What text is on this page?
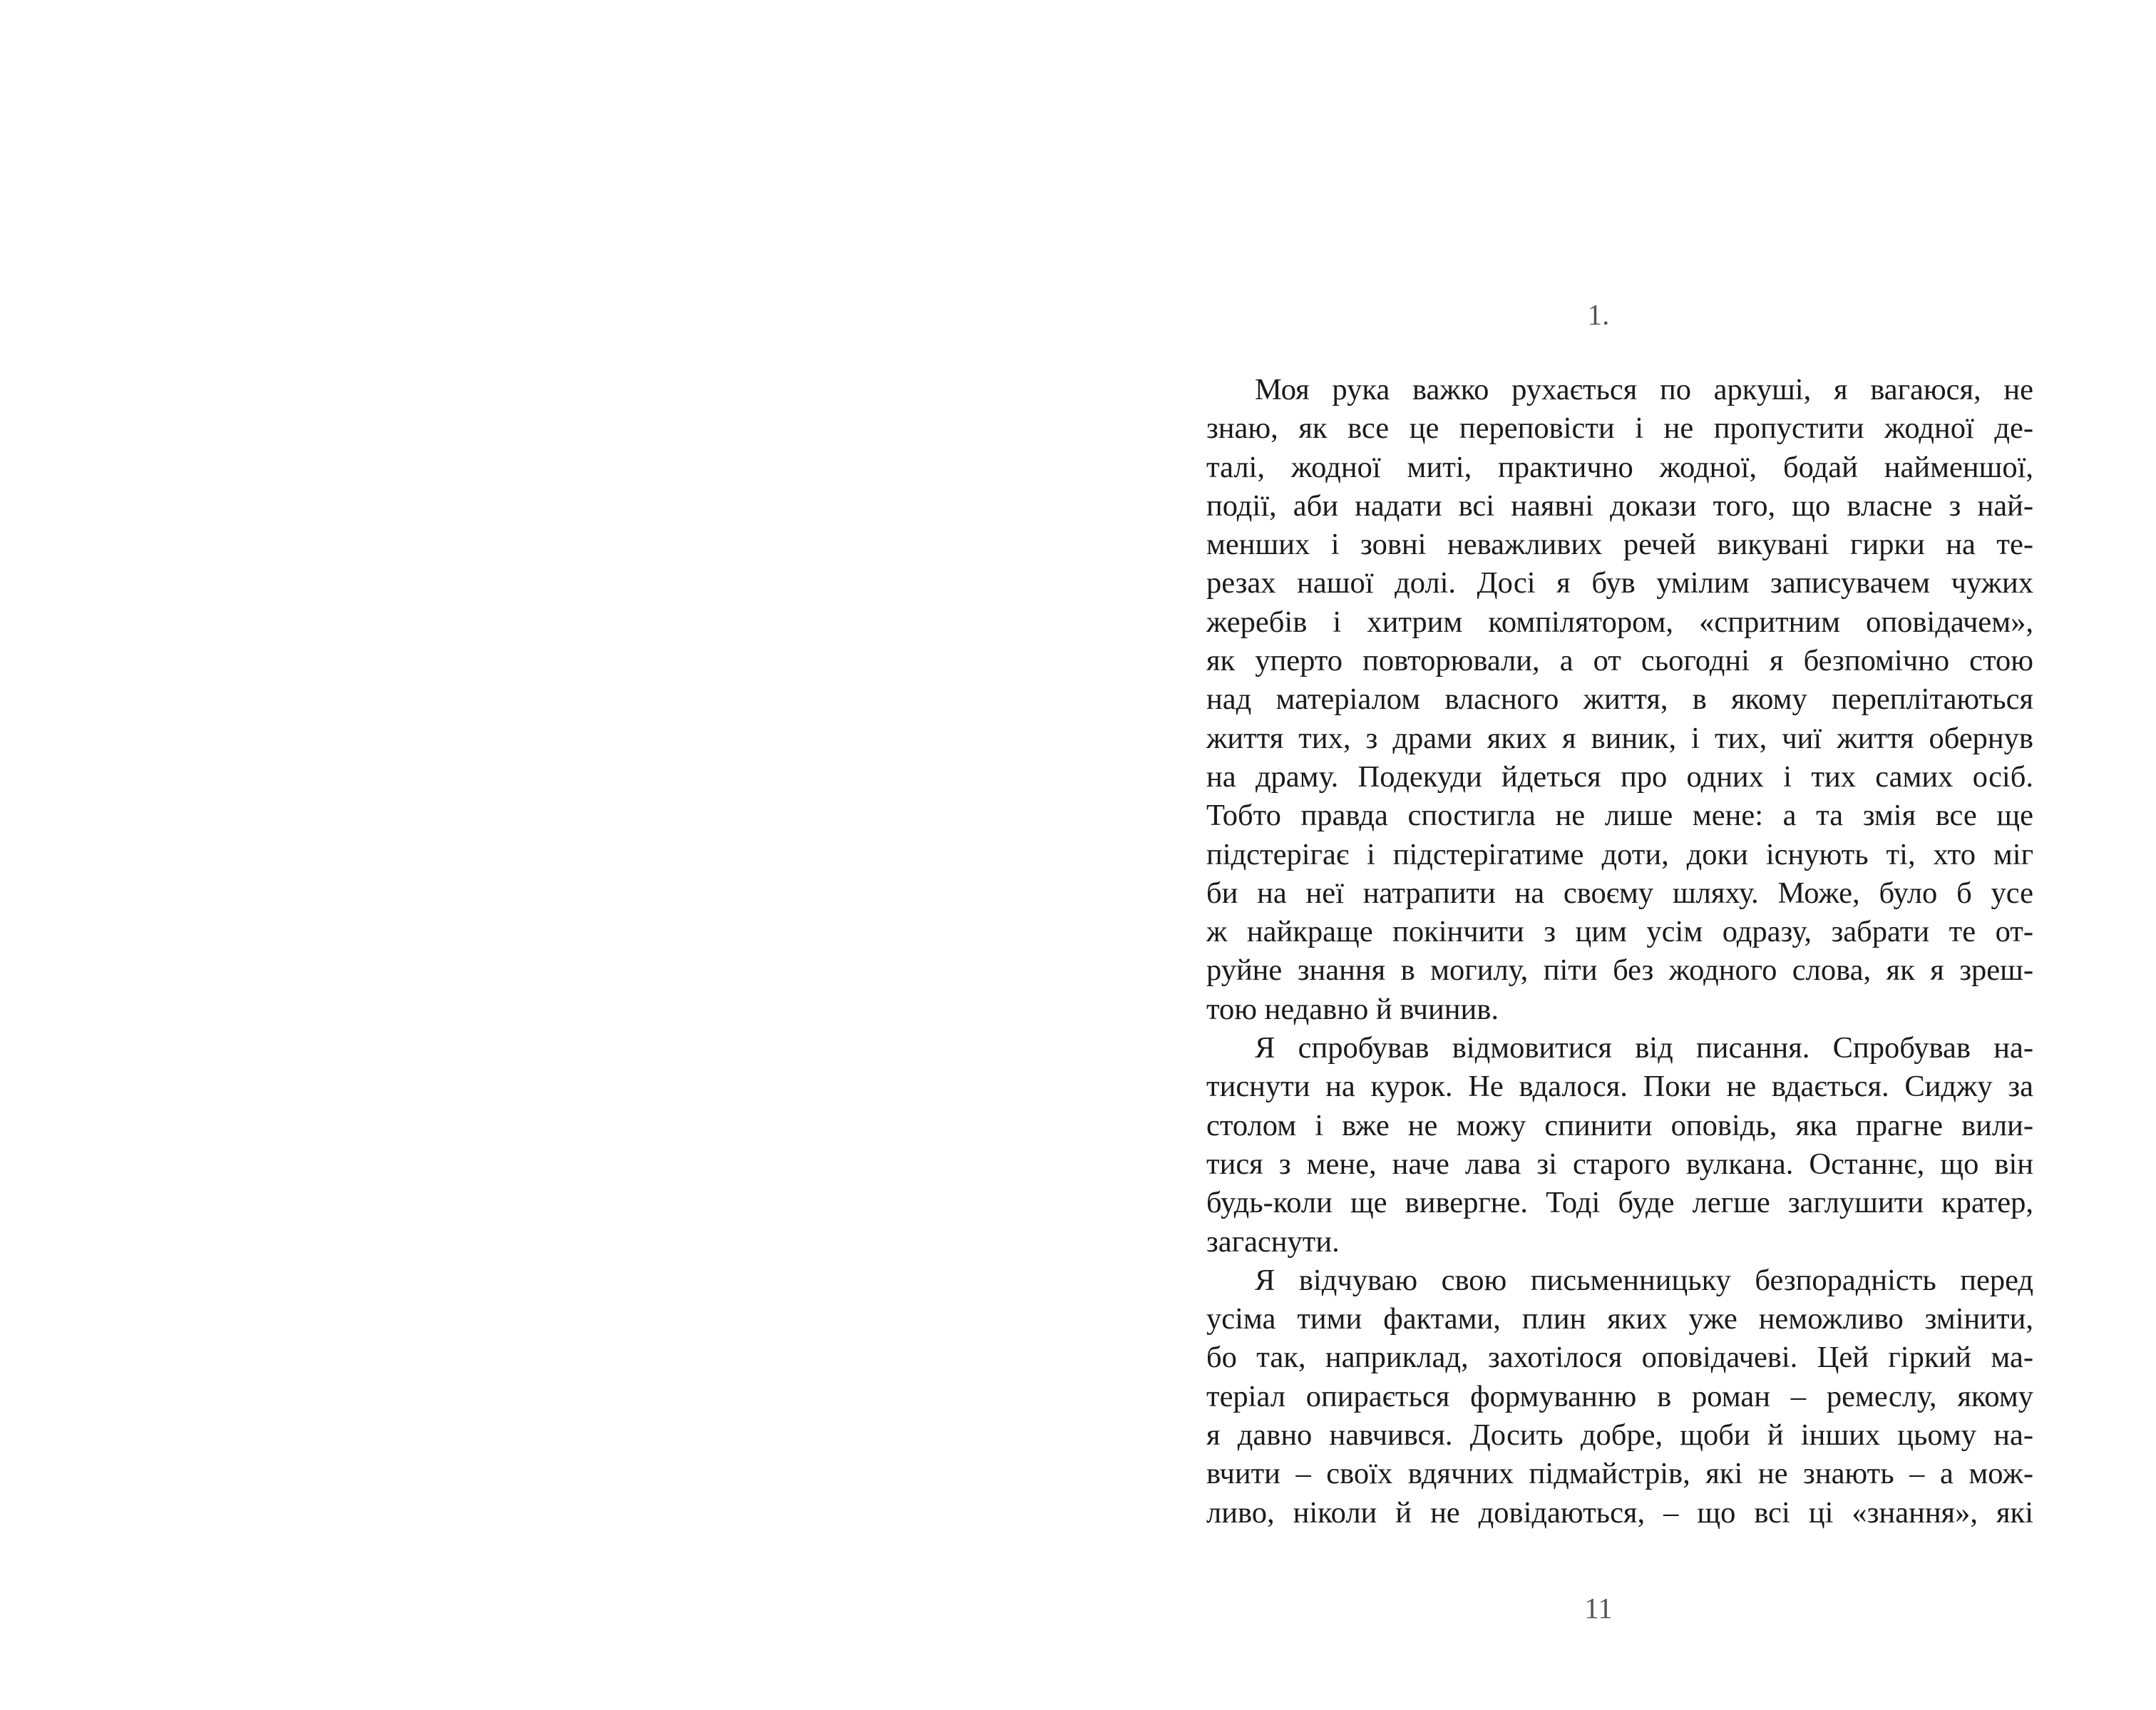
1.
Моя рука важко рухається по аркуші, я вагаюся, не
знаю, як все це переповісти і не пропустити жодної де-
талі, жодної миті, практично жодної, бодай найменшої,
події, аби надати всі наявні докази того, що власне з най-
менших і зовні неважливих речей викувані гирки на те-
резах нашої долі. Досі я був умілим записувачем чужих
жеребів і хитрим компілятором, «спритним оповідачем»,
як уперто повторювали, а от сьогодні я безпомічно стою
над матеріалом власного життя, в якому переплітаються
життя тих, з драми яких я виник, і тих, чиї життя обернув
на драму. Подекуди йдеться про одних і тих самих осіб.
Тобто правда спостигла не лише мене: а та змія все ще
підстерігає і підстерігатиме доти, доки існують ті, хто міг
би на неї натрапити на своєму шляху. Може, було б усе
ж найкраще покінчити з цим усім одразу, забрати те от-
руйне знання в могилу, піти без жодного слова, як я зреш-
тою недавно й вчинив.
Я спробував відмовитися від писання. Спробував на-
тиснути на курок. Не вдалося. Поки не вдається. Сиджу за
столом і вже не можу спинити оповідь, яка прагне вили-
тися з мене, наче лава зі старого вулкана. Останнє, що він
будь-коли ще вивергне. Тоді буде легше заглушити кратер,
загаснути.
Я відчуваю свою письменницьку безпорадність перед
усіма тими фактами, плин яких уже неможливо змінити,
бо так, наприклад, захотілося оповідачеві. Цей гіркий ма-
теріал опирається формуванню в роман – ремеслу, якому
я давно навчився. Досить добре, щоби й інших цьому на-
вчити – своїх вдячних підмайстрів, які не знають – а мож-
ливо, ніколи й не довідаються, – що всі ці «знання», які
11
